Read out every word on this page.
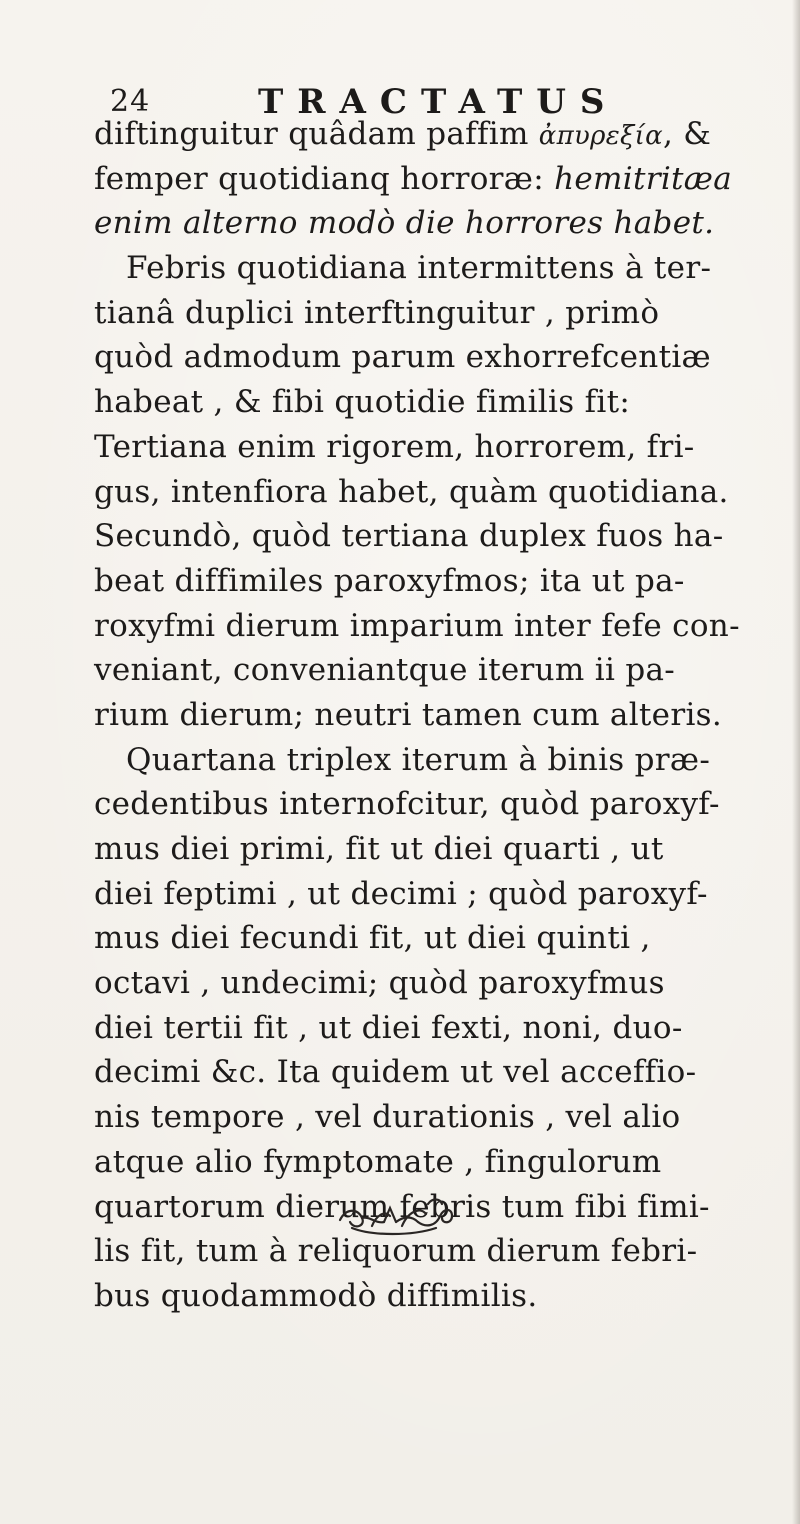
24	TRACTATUS
diftinguitur quâdam paffim ἀπυρεξία, &
femper quotidianq horroræ: hemitritæa
enim alterno modò die horrores habet.
Febris quotidiana intermittens à ter-
tianâ duplici interftinguitur , primò
quòd admodum parum exhorrefcentiæ
habeat , & fibi quotidie fimilis fit:
Tertiana enim rigorem, horrorem, fri-
gus, intenfiora habet, quàm quotidiana.
Secundò, quòd tertiana duplex fuos ha-
beat diffimiles paroxyfmos; ita ut pa-
roxyfmi dierum imparium inter fefe con-
veniant, conveniantque iterum ii pa-
rium dierum; neutri tamen cum alteris.
Quartana triplex iterum à binis præ-
cedentibus internofcitur, quòd paroxyf-
mus diei primi, fit ut diei quarti , ut
diei feptimi , ut decimi ; quòd paroxyf-
mus diei fecundi fit, ut diei quinti ,
octavi , undecimi; quòd paroxyfmus
diei tertii fit , ut diei fexti, noni, duo-
decimi &c. Ita quidem ut vel acceffio-
nis tempore , vel durationis , vel alio
atque alio fymptomate , fingulorum
quartorum dierum febris tum fibi fimi-
lis fit, tum à reliquorum dierum febri-
bus quodammodò diffimilis.
